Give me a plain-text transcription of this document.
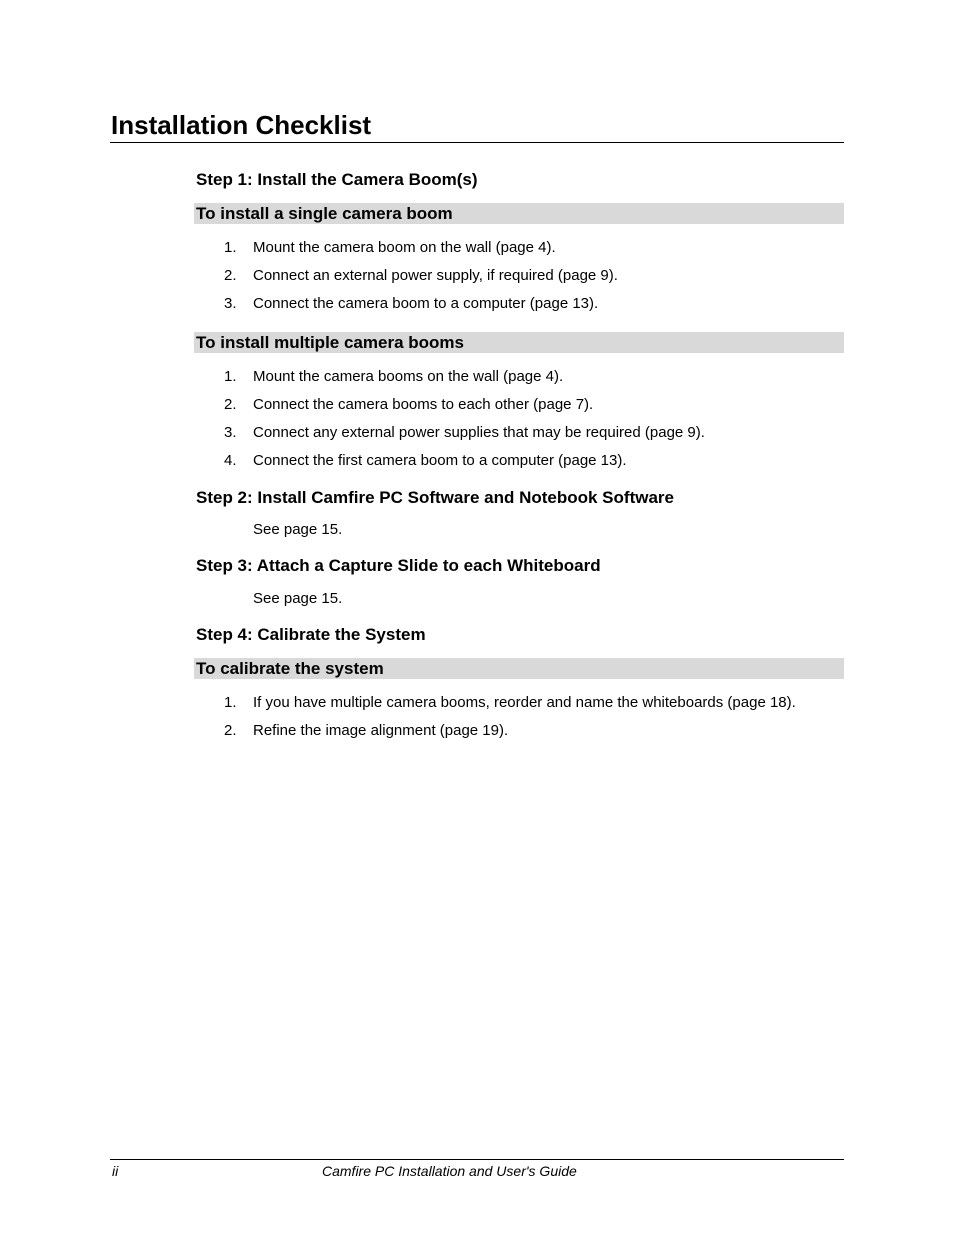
Installation Checklist
Step 1: Install the Camera Boom(s)
To install a single camera boom
1. Mount the camera boom on the wall (page 4).
2. Connect an external power supply, if required (page 9).
3. Connect the camera boom to a computer (page 13).
To install multiple camera booms
1. Mount the camera booms on the wall (page 4).
2. Connect the camera booms to each other (page 7).
3. Connect any external power supplies that may be required (page 9).
4. Connect the first camera boom to a computer (page 13).
Step 2: Install Camfire PC Software and Notebook Software
See page 15.
Step 3: Attach a Capture Slide to each Whiteboard
See page 15.
Step 4: Calibrate the System
To calibrate the system
1. If you have multiple camera booms, reorder and name the whiteboards (page 18).
2. Refine the image alignment (page 19).
ii	Camfire PC Installation and User's Guide
